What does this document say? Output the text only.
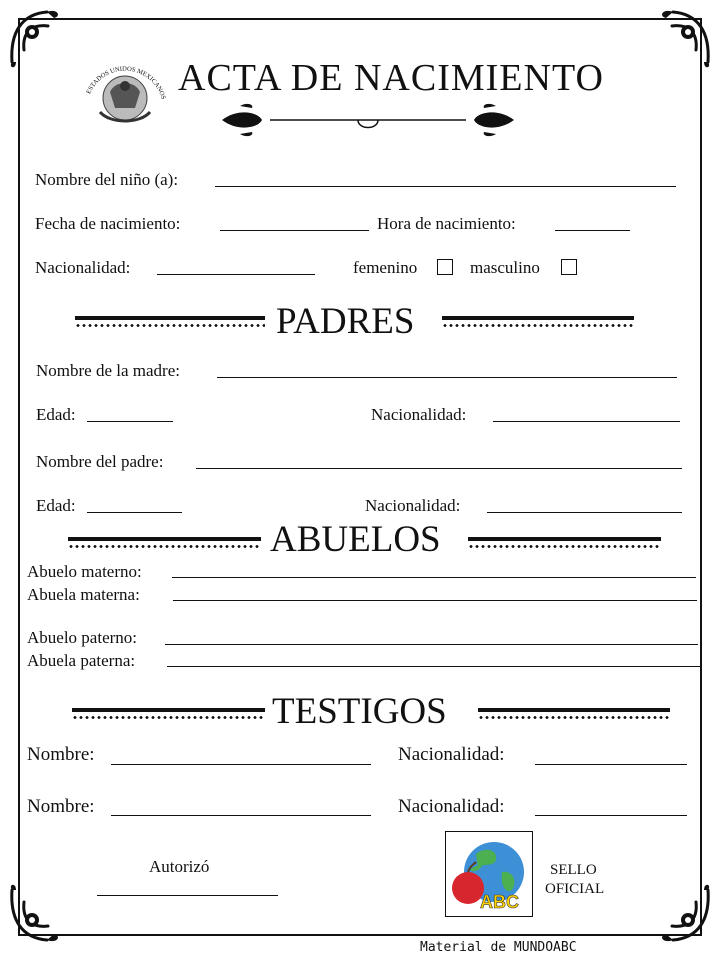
ESTADOS UNIDOS MEXICANOS ACTA DE NACIMIENTO
Nombre del niño (a):
Fecha de nacimiento:	Hora de nacimiento:
Nacionalidad:	femenino	masculino
PADRES
Nombre de la madre:
Edad:	Nacionalidad:
Nombre del padre:
Edad:	Nacionalidad:
ABUELOS
Abuelo materno:
Abuela materna:
Abuelo paterno:
Abuela paterna:
TESTIGOS
Nombre:	Nacionalidad:
Nombre:	Nacionalidad:
Autorizó
ABC
SELLO
OFICIAL
Material de MUNDOABC
